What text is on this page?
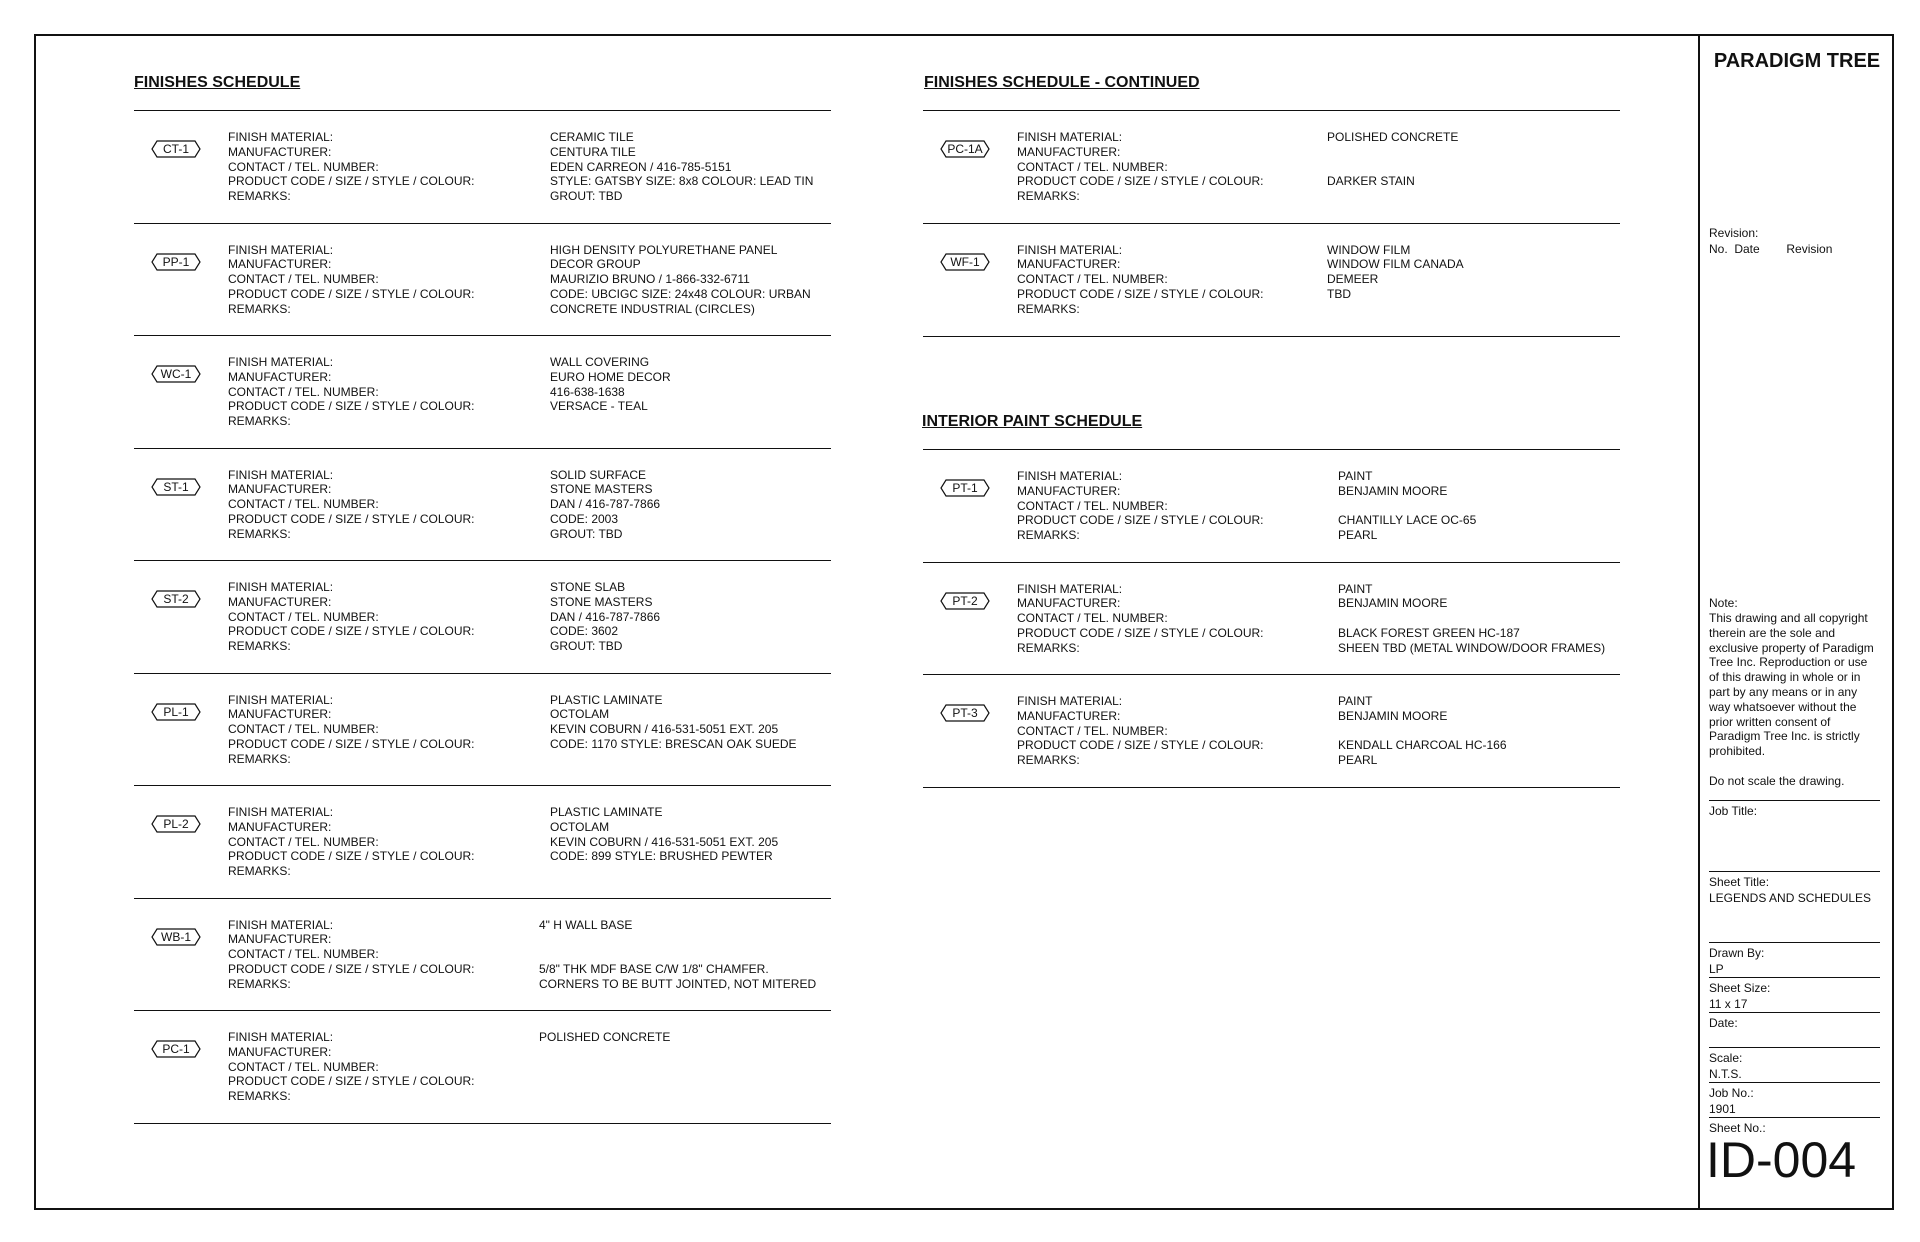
FINISHES SCHEDULE	FINISHES SCHEDULE - CONTINUED
INTERIOR PAINT SCHEDULE
CT-1
FINISH MATERIAL:
MANUFACTURER:
CONTACT / TEL. NUMBER:
PRODUCT CODE / SIZE / STYLE / COLOUR:
REMARKS:
CERAMIC TILE
CENTURA TILE
EDEN CARREON / 416-785-5151
STYLE: GATSBY SIZE: 8x8 COLOUR: LEAD TIN
GROUT: TBD
PP-1
FINISH MATERIAL:
MANUFACTURER:
CONTACT / TEL. NUMBER:
PRODUCT CODE / SIZE / STYLE / COLOUR:
REMARKS:
HIGH DENSITY POLYURETHANE PANEL
DECOR GROUP
MAURIZIO BRUNO / 1-866-332-6711
CODE: UBCIGC SIZE: 24x48 COLOUR: URBAN
CONCRETE INDUSTRIAL (CIRCLES)
WC-1
FINISH MATERIAL:
MANUFACTURER:
CONTACT / TEL. NUMBER:
PRODUCT CODE / SIZE / STYLE / COLOUR:
REMARKS:
WALL COVERING
EURO HOME DECOR
416-638-1638
VERSACE - TEAL
ST-1
FINISH MATERIAL:
MANUFACTURER:
CONTACT / TEL. NUMBER:
PRODUCT CODE / SIZE / STYLE / COLOUR:
REMARKS:
SOLID SURFACE
STONE MASTERS
DAN / 416-787-7866
CODE: 2003
GROUT: TBD
ST-2
FINISH MATERIAL:
MANUFACTURER:
CONTACT / TEL. NUMBER:
PRODUCT CODE / SIZE / STYLE / COLOUR:
REMARKS:
STONE SLAB
STONE MASTERS
DAN / 416-787-7866
CODE: 3602
GROUT: TBD
PL-1
FINISH MATERIAL:
MANUFACTURER:
CONTACT / TEL. NUMBER:
PRODUCT CODE / SIZE / STYLE / COLOUR:
REMARKS:
PLASTIC LAMINATE
OCTOLAM
KEVIN COBURN / 416-531-5051 EXT. 205
CODE: 1170 STYLE: BRESCAN OAK SUEDE
PL-2
FINISH MATERIAL:
MANUFACTURER:
CONTACT / TEL. NUMBER:
PRODUCT CODE / SIZE / STYLE / COLOUR:
REMARKS:
PLASTIC LAMINATE
OCTOLAM
KEVIN COBURN / 416-531-5051 EXT. 205
CODE: 899 STYLE: BRUSHED PEWTER
WB-1
FINISH MATERIAL:
MANUFACTURER:
CONTACT / TEL. NUMBER:
PRODUCT CODE / SIZE / STYLE / COLOUR:
REMARKS:
4" H WALL BASE
5/8" THK MDF BASE C/W 1/8" CHAMFER.
CORNERS TO BE BUTT JOINTED, NOT MITERED
PC-1
FINISH MATERIAL:
MANUFACTURER:
CONTACT / TEL. NUMBER:
PRODUCT CODE / SIZE / STYLE / COLOUR:
REMARKS:
POLISHED CONCRETE
PC-1A
FINISH MATERIAL:
MANUFACTURER:
CONTACT / TEL. NUMBER:
PRODUCT CODE / SIZE / STYLE / COLOUR:
REMARKS:
POLISHED CONCRETE
DARKER STAIN
WF-1
FINISH MATERIAL:
MANUFACTURER:
CONTACT / TEL. NUMBER:
PRODUCT CODE / SIZE / STYLE / COLOUR:
REMARKS:
WINDOW FILM
WINDOW FILM CANADA
DEMEER
TBD
PT-1
FINISH MATERIAL:
MANUFACTURER:
CONTACT / TEL. NUMBER:
PRODUCT CODE / SIZE / STYLE / COLOUR:
REMARKS:
PAINT
BENJAMIN MOORE
CHANTILLY LACE OC-65
PEARL
PT-2
FINISH MATERIAL:
MANUFACTURER:
CONTACT / TEL. NUMBER:
PRODUCT CODE / SIZE / STYLE / COLOUR:
REMARKS:
PAINT
BENJAMIN MOORE
BLACK FOREST GREEN HC-187
SHEEN TBD (METAL WINDOW/DOOR FRAMES)
PT-3
FINISH MATERIAL:
MANUFACTURER:
CONTACT / TEL. NUMBER:
PRODUCT CODE / SIZE / STYLE / COLOUR:
REMARKS:
PAINT
BENJAMIN MOORE
KENDALL CHARCOAL HC-166
PEARL
PARADIGM TREE
Revision:
No.  Date        Revision
Note:
This drawing and all copyright
therein are the sole and
exclusive property of Paradigm
Tree Inc. Reproduction or use
of this drawing in whole or in
part by any means or in any
way whatsoever without the
prior written consent of
Paradigm Tree Inc. is strictly
prohibited.
Do not scale the drawing.
Job Title:
Sheet Title:
LEGENDS AND SCHEDULES
Drawn By:
LP
Sheet Size:
11 x 17
Date:
Scale:
N.T.S.
Job No.:
1901
Sheet No.:
ID-004
